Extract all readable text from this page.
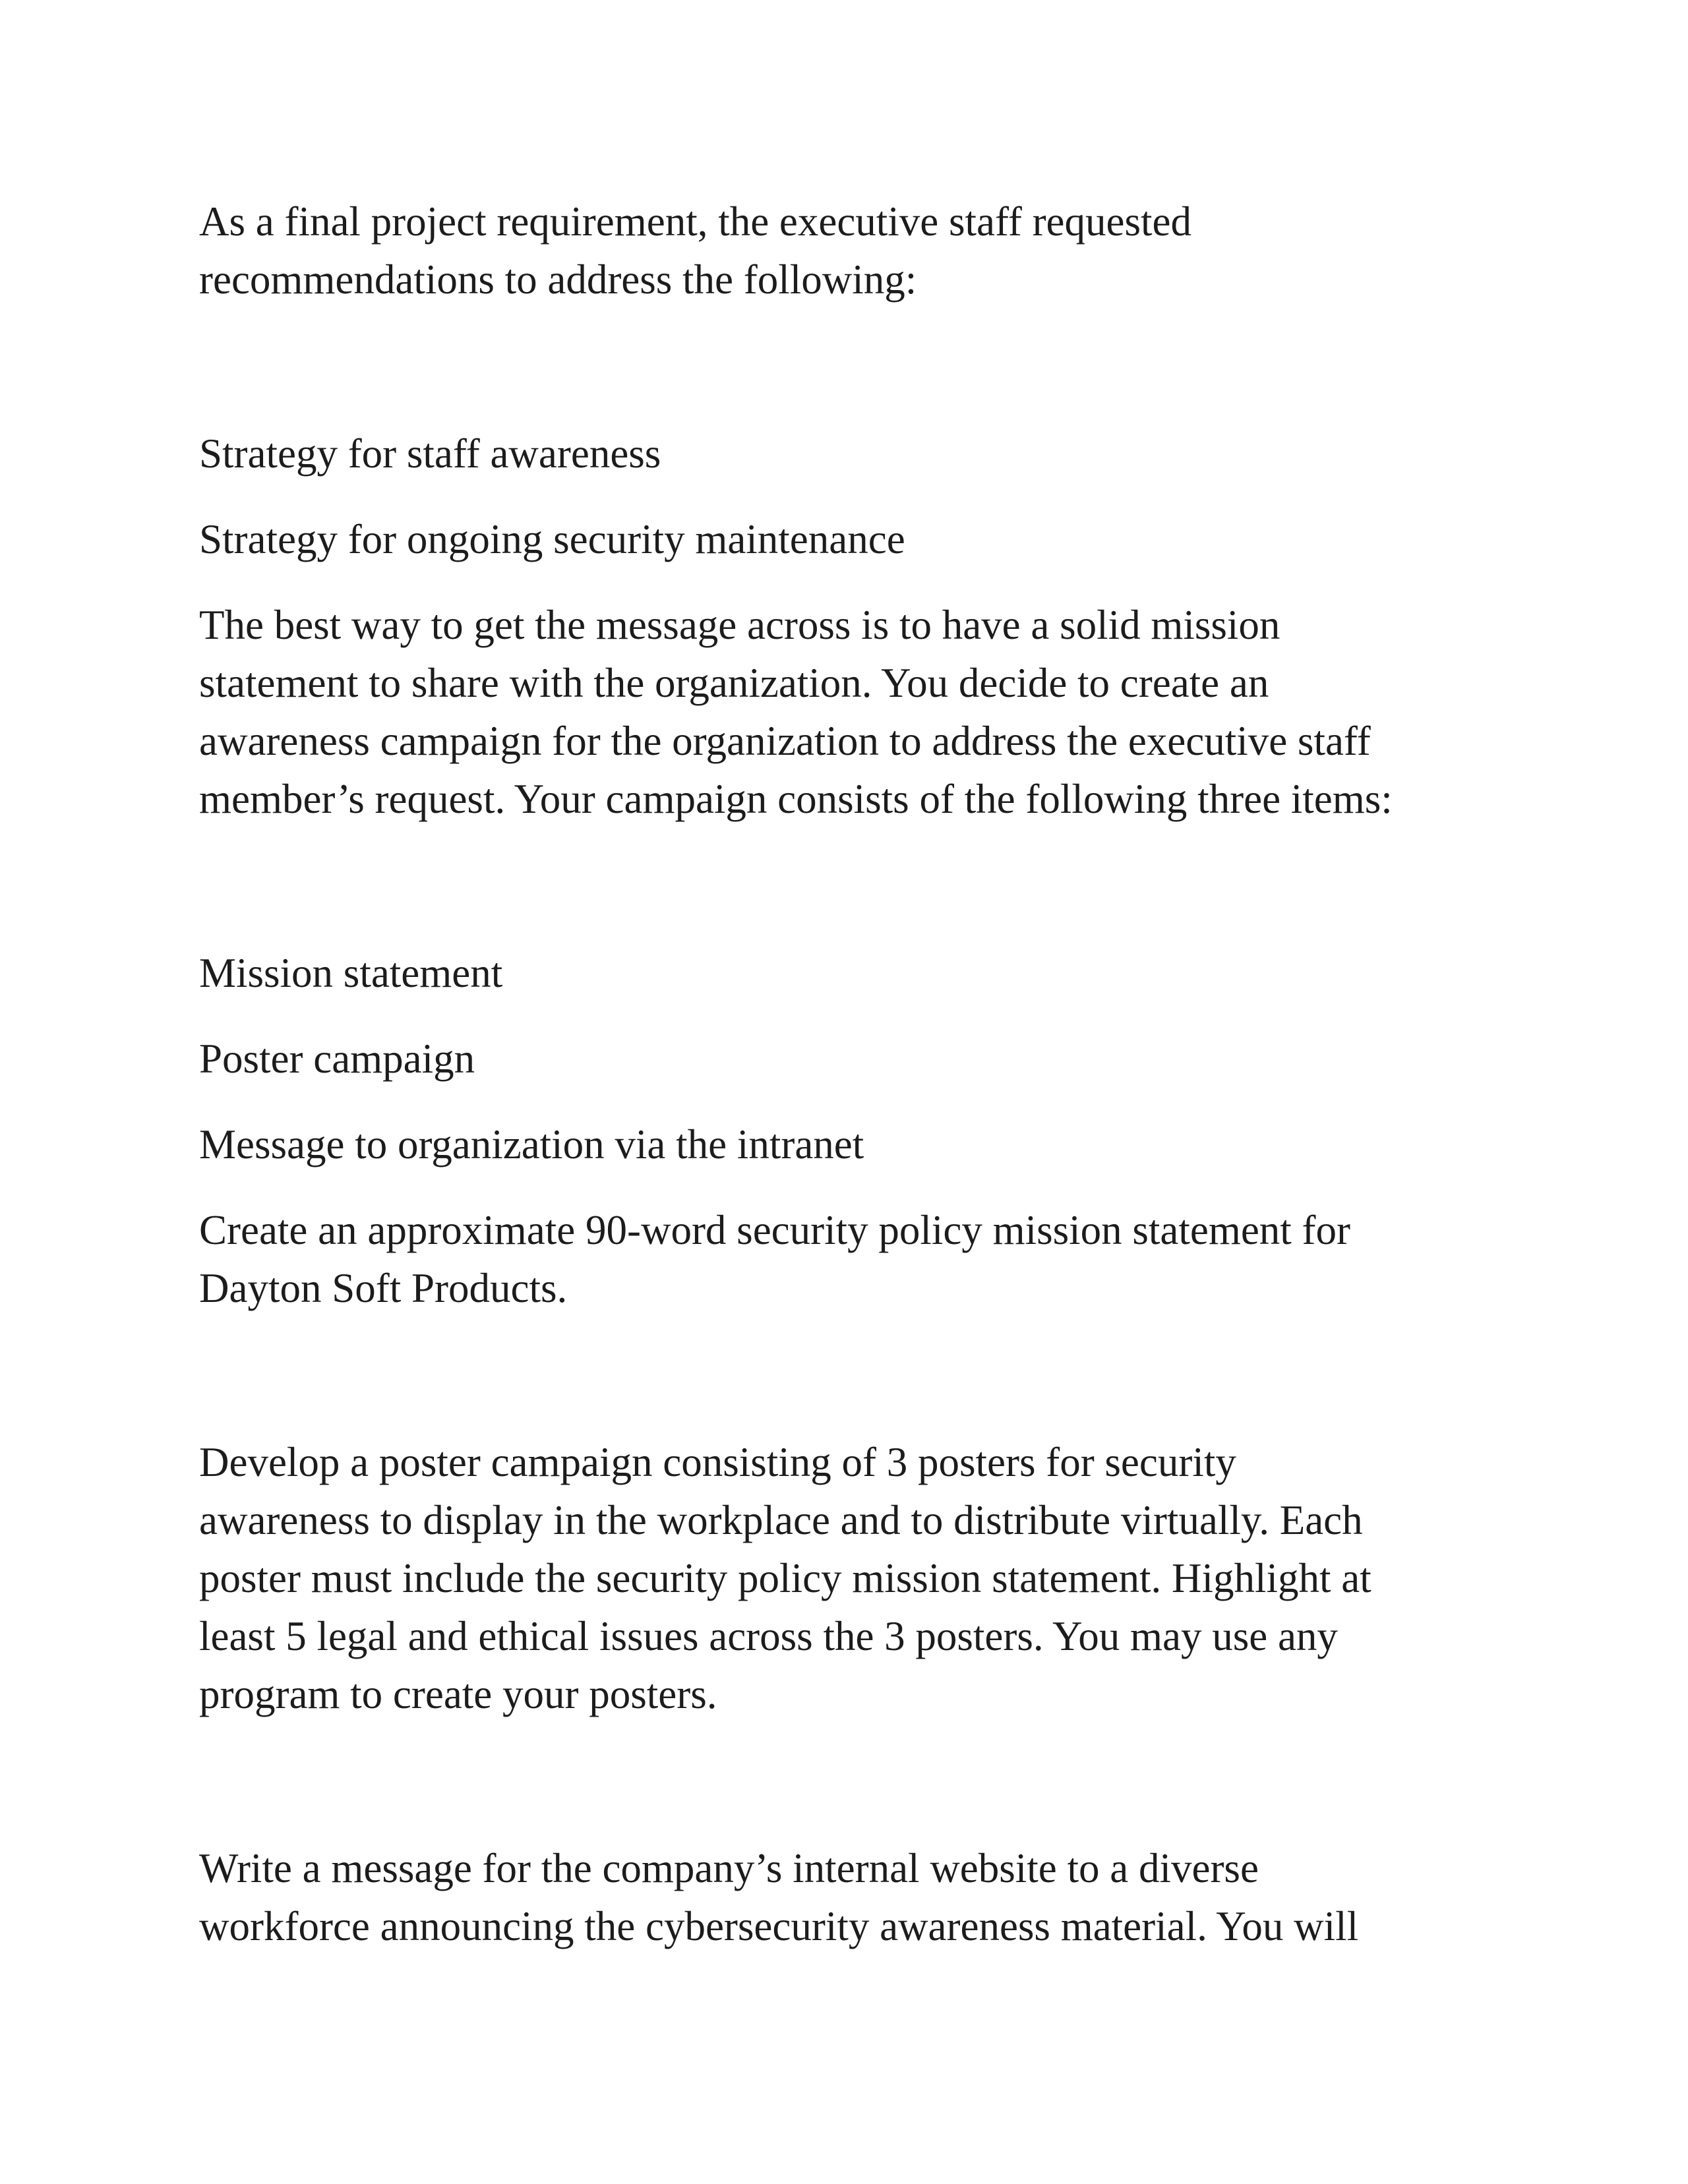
As a final project requirement, the executive staff requested
recommendations to address the following:

Strategy for staff awareness

Strategy for ongoing security maintenance

The best way to get the message across is to have a solid mission
statement to share with the organization. You decide to create an
awareness campaign for the organization to address the executive staff
member’s request. Your campaign consists of the following three items:

Mission statement

Poster campaign

Message to organization via the intranet

Create an approximate 90-word security policy mission statement for
Dayton Soft Products.

Develop a poster campaign consisting of 3 posters for security
awareness to display in the workplace and to distribute virtually. Each
poster must include the security policy mission statement. Highlight at
least 5 legal and ethical issues across the 3 posters. You may use any
program to create your posters.

Write a message for the company’s internal website to a diverse
workforce announcing the cybersecurity awareness material. You will
